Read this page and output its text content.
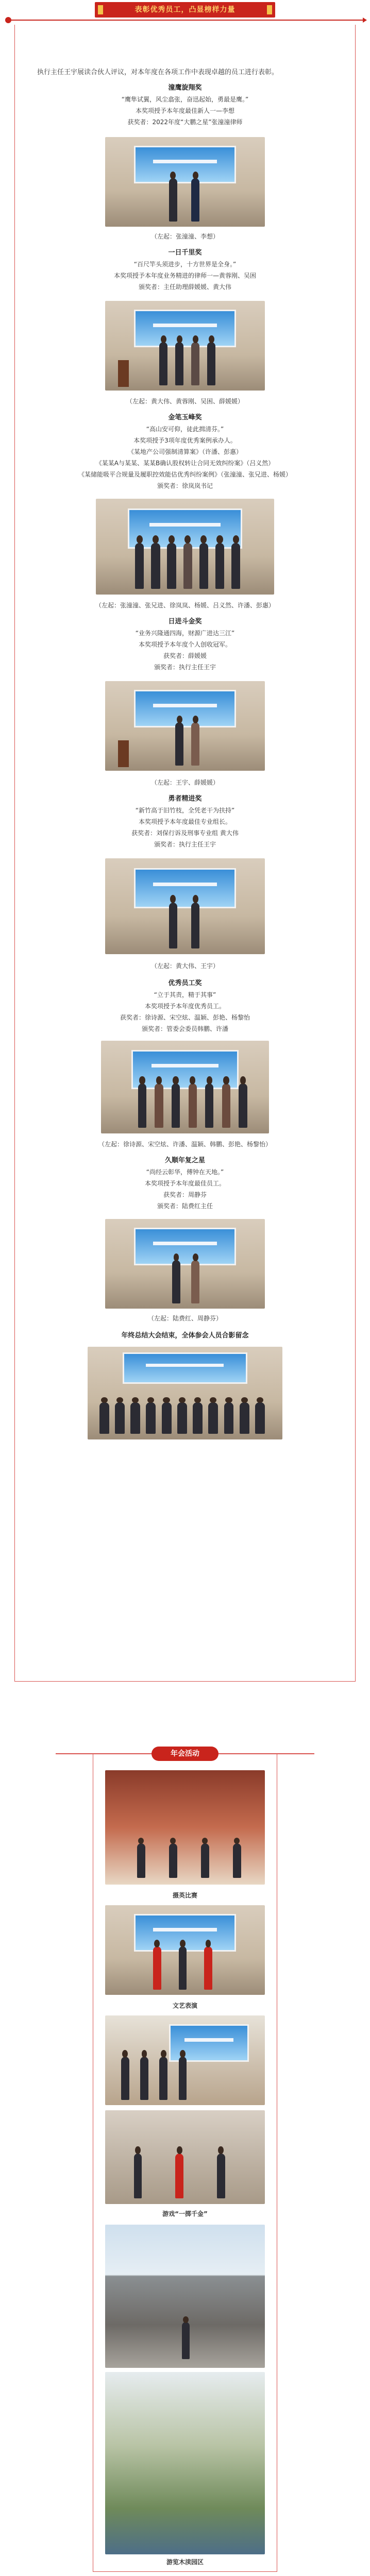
表彰优秀员工，凸显榜样力量
执行主任王宇展读合伙人评议，对本年度在各项工作中表现卓越的员工进行表彰。
潼鹰旋翔奖
“鹰隼试翼，风尘翕张，奋迅起始，勇最是鹰。”
本奖项授予本年度最佳新人一—李想
获奖者：2022年度“大鹏之星”张潼潼律师
（左起：张潼潼、李想）
一日千里奖
“百尺竿头须进步，十方世界是全身。”
本奖项授予本年度业务精进的律师一—黄蓉刚、吴困
颁奖者：主任助理薛媛媛、黄大伟
（左起：黄大伟、黄蓉刚、吴困、薛媛媛）
金笔玉峰奖
“高山安可仰，徒此揖清芬。”
本奖项授予3项年度优秀案例承办人。
《某地产公司强制清算案》（许潘、彭惠）
《某某A与某某、某某B确认股权转让合同无效纠纷案》（吕义然）
《某储能吸平合规量及履职控效能估优秀纠纷案例》（张潼潼、张兄进、杨媛）
颁奖者：徐岚岚书记
（左起：张潼潼、张兄进、徐岚岚、杨媛、吕义然、许潘、彭惠）
日进斗金奖
“业务兴隆通四海，财源广进达三江”
本奖项授予本年度个人创收冠军。
获奖者：薛媛媛
颁奖者：执行主任王宇
（左起：王宇、薛媛媛）
勇者精进奖
“新竹高于旧竹枝，全凭老干为扶持”
本奖项授予本年度最佳专业组长。
获奖者：刘保行诉及刑事专业组 黄大伟
颁奖者：执行主任王宇
（左起：黄大伟、王宇）
优秀员工奖
“立于其责，精于其事”
本奖项授予本年度优秀员工。
获奖者：徐诗源、宋空炫、温颖、彭艳、杨黎怡
颁奖者：管委会委员韩鹏、许潘
（左起：徐诗源、宋空炫、许潘、温颖、韩鹏、彭艳、杨黎怡）
久顺年复之星
“尚经云彰华，傅钟在天地。”
本奖项授予本年度最佳员工。
获奖者：周静芬
颁奖者：陆费红主任
（左起：陆费红、周静芬）
年终总结大会结束，全体参会人员合影留念
年会活动
摄英比赛
文艺表演
游戏“一掷千金”
游览木渎园区
